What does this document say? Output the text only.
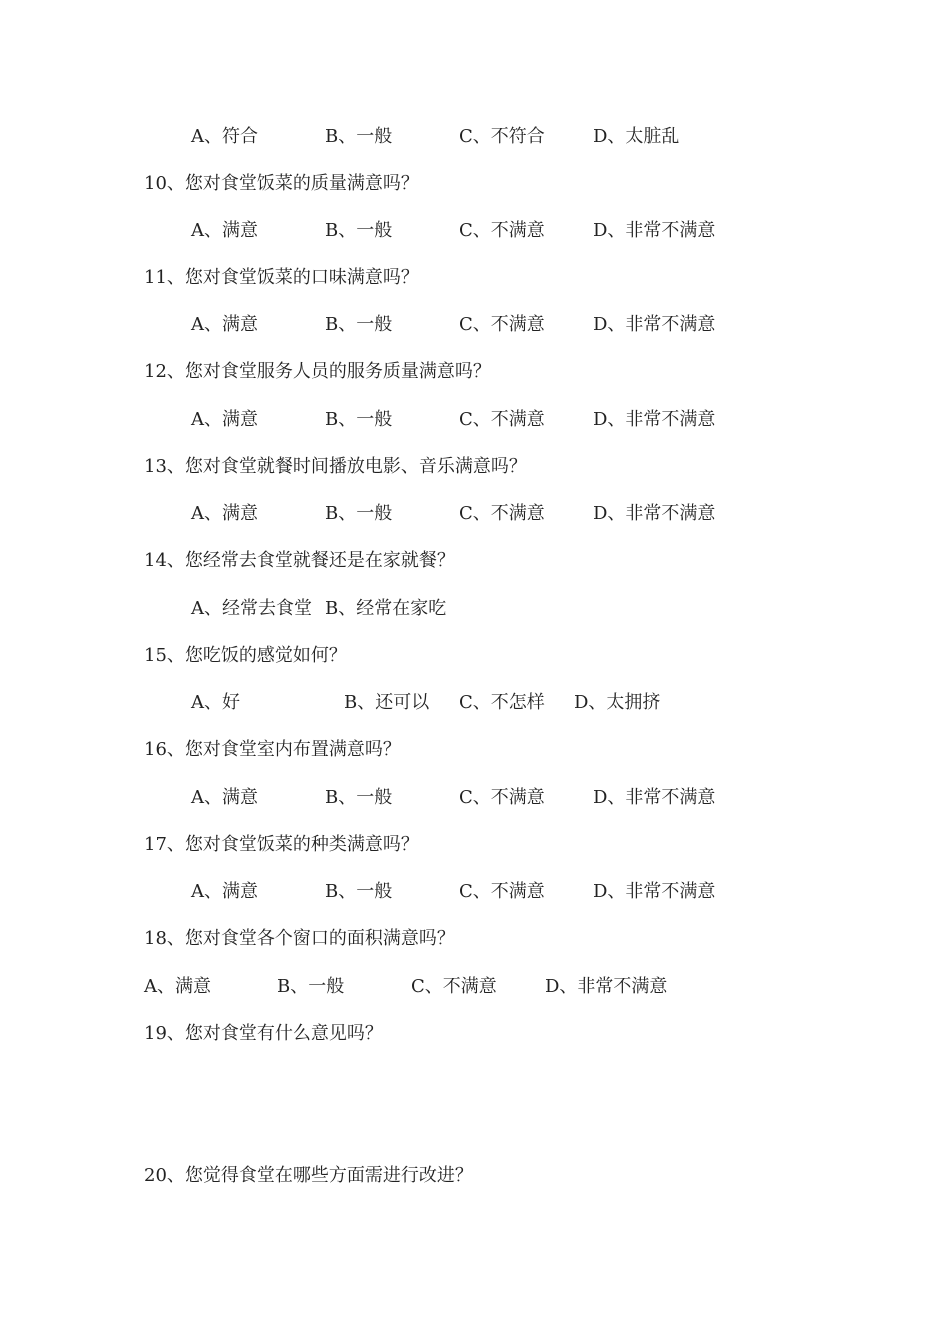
A、符合	B、一般	C、不符合	D、太脏乱
10、您对食堂饭菜的质量满意吗？
A、满意	B、一般	C、不满意	D、非常不满意
11、您对食堂饭菜的口味满意吗？
A、满意	B、一般	C、不满意	D、非常不满意
12、您对食堂服务人员的服务质量满意吗？
A、满意	B、一般	C、不满意	D、非常不满意
13、您对食堂就餐时间播放电影、音乐满意吗？
A、满意	B、一般	C、不满意	D、非常不满意
14、您经常去食堂就餐还是在家就餐？
A、经常去食堂 B、经常在家吃
15、您吃饭的感觉如何？
A、好	B、还可以 C、不怎样 D、太拥挤
16、您对食堂室内布置满意吗？
A、满意	B、一般	C、不满意	D、非常不满意
17、您对食堂饭菜的种类满意吗？
A、满意	B、一般	C、不满意	D、非常不满意
18、您对食堂各个窗口的面积满意吗？
A、满意	B、一般	C、不满意	D、非常不满意
19、您对食堂有什么意见吗？
20、您觉得食堂在哪些方面需进行改进？
